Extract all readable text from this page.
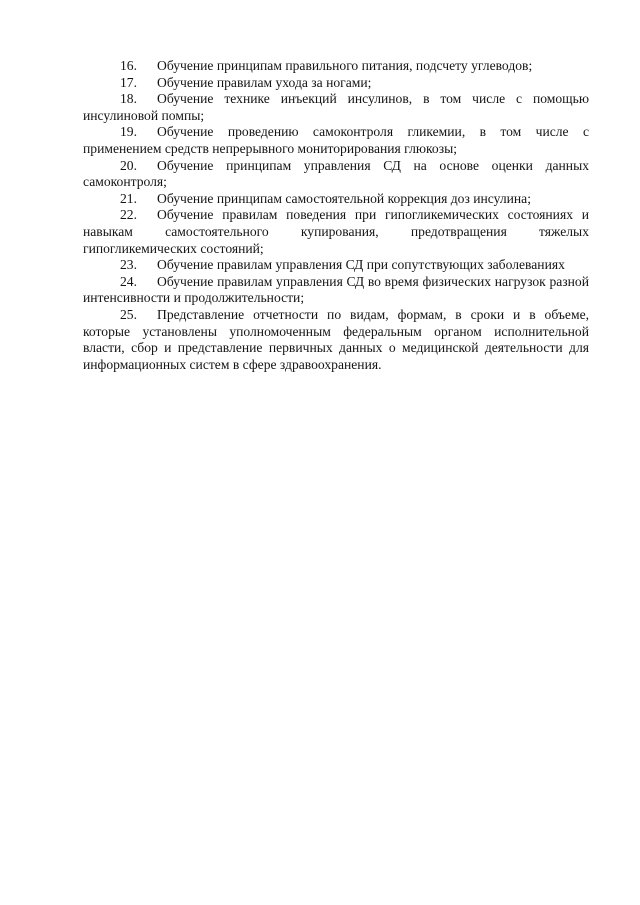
16. Обучение принципам правильного питания, подсчету углеводов;

17. Обучение правилам ухода за ногами;

18. Обучение технике инъекций инсулинов, в том числе с помощью инсулиновой помпы;

19. Обучение проведению самоконтроля гликемии, в том числе с применением средств непрерывного мониторирования глюкозы;

20. Обучение принципам управления СД на основе оценки данных самоконтроля;

21. Обучение принципам самостоятельной коррекция доз инсулина;

22. Обучение правилам поведения при гипогликемических состояниях и навыкам самостоятельного купирования, предотвращения тяжелых гипогликемических состояний;

23. Обучение правилам управления СД при сопутствующих заболеваниях

24. Обучение правилам управления СД во время физических нагрузок разной интенсивности и продолжительности;

25. Представление отчетности по видам, формам, в сроки и в объеме, которые установлены уполномоченным федеральным органом исполнительной власти, сбор и представление первичных данных о медицинской деятельности для информационных систем в сфере здравоохранения.
